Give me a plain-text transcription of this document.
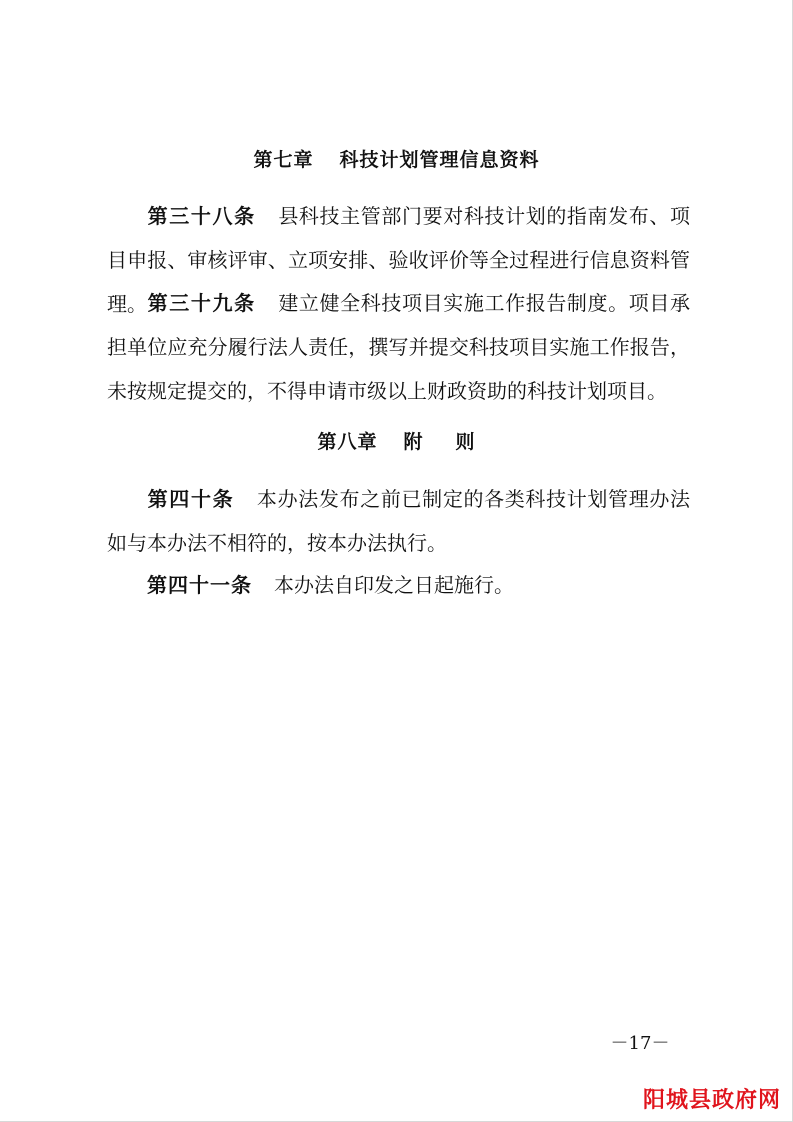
第七章 科技计划管理信息资料
第三十八条 县科技主管部门要对科技计划的指南发布、项目申报、审核评审、立项安排、验收评价等全过程进行信息资料管理。 第三十九条 建立健全科技项目实施工作报告制度。项目承担单位应充分履行法人责任，撰写并提交科技项目实施工作报告，未按规定提交的，不得申请市级以上财政资助的科技计划项目。
第八章 附 则
第四十条 本办法发布之前已制定的各类科技计划管理办法如与本办法不相符的，按本办法执行。
第四十一条 本办法自印发之日起施行。
－17－
阳城县政府网
